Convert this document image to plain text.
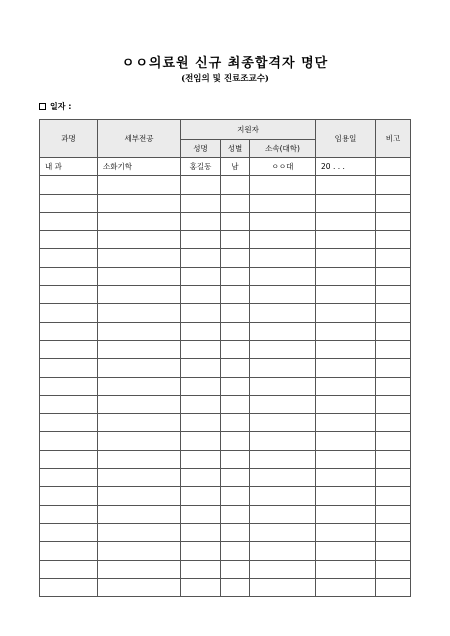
ㅇㅇ의료원 신규 최종합격자 명단
(전임의 및 진료조교수)
일자 :
과명	세부전공	지원자			임용일	비고
		성명	성별	소속(대학)		
내 과	소화기학	홍길동	남	ㅇㅇ대	20 . . .	
